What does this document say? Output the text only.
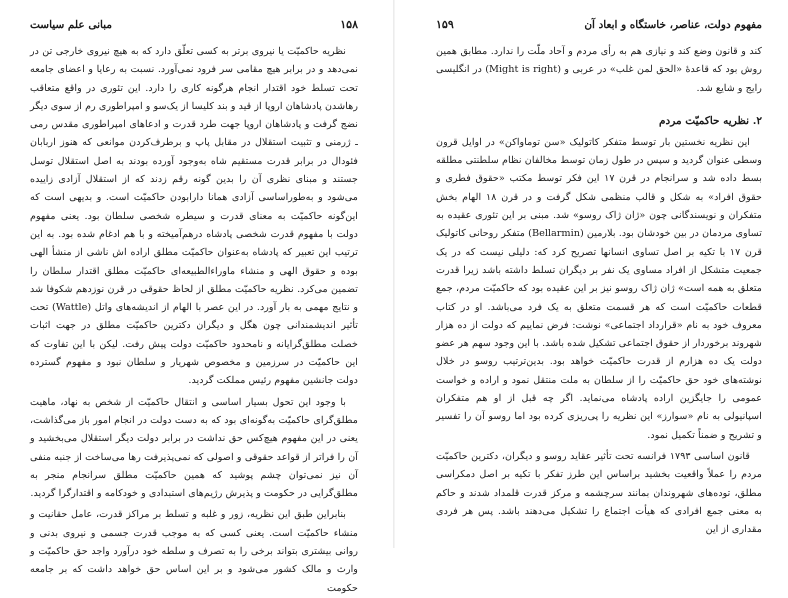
۱۵۸
مبانی علم سیاست

نظریه حاکمیّت یا نیروی برتر به کسی تعلّق دارد که به هیچ نیروی خارجی تن در نمی‌دهد و در برابر هیچ مقامی سر فرود نمی‌آورد. نسبت به رعایا و اعضای جامعه تحت تسلط خود اقتدار انجام هرگونه کاری را دارد. این تئوری در واقع متعاقب رهاشدن پادشاهان اروپا از قید و بند کلیسا از یک‌سو و امپراطوری رم از سوی دیگر نضج گرفت و پادشاهان اروپا جهت طرد قدرت و ادعاهای امپراطوری مقدس رمی ـ ژرمنی و تثبیت استقلال در مقابل پاپ و برطرف‌کردن موانعی که هنوز اربابان فئودال در برابر قدرت مستقیم شاه به‌وجود آورده بودند به اصل استقلال توسل جستند و مبنای نظری آن را بدین گونه رقم زدند که از استقلال آزادی زاییده می‌شود و به‌طوراساسی آزادی همانا دارابودن حاکمیّت است. و بدیهی است که این‌گونه حاکمیّت به معنای قدرت و سیطره شخصی سلطان بود. یعنی مفهوم دولت با مفهوم قدرت شخصی پادشاه درهم‌آمیخته و با هم ادغام شده بود. به این ترتیب این تعبیر که پادشاه به‌عنوان حاکمیّت مطلق اراده اش ناشی از منشأ الهی بوده و حقوق الهی و منشاء ماوراءالطبیعه‌ای حاکمیّت مطلق اقتدار سلطان را تضمین می‌کرد. نظریه حاکمیّت مطلق از لحاظ حقوقی در قرن نوزدهم شکوفا شد و نتایج مهمی به بار آورد. در این عصر با الهام از اندیشه‌های واتل (Wattle) تحت تأثیر اندیشمندانی چون هگل و دیگران دکترین حاکمیّت مطلق در جهت اثبات خصلت مطلق‌گرایانه و نامحدود حاکمیّت دولت پیش رفت. لیکن با این تفاوت که این حاکمیّت در سرزمین و مخصوص شهریار و سلطان نبود و مفهوم گسترده دولت جانشین مفهوم رئیس مملکت گردید.

با وجود این تحول بسیار اساسی و انتقال حاکمیّت از شخص به نهاد، ماهیت مطلق‌گرای حاکمیّت به‌گونه‌ای بود که به دست دولت در انجام امور باز می‌گذاشت، یعنی در این مفهوم هیچ‌کس حق نداشت در برابر دولت دیگر استقلال می‌بخشید و آن را فراتر از قواعد حقوقی و اصولی که نمی‌پذیرفت رها می‌ساخت از جنبه منفی آن نیز نمی‌توان چشم پوشید که همین حاکمیّت مطلق سرانجام منجر به مطلق‌گرایی در حکومت و پذیرش رژیم‌های استبدادی و خودکامه و اقتدارگرا گردید.

بنابراین طبق این نظریه، زور و غلبه و تسلط بر مراکز قدرت، عامل حقانیت و منشاء حاکمیّت است. یعنی کسی که به موجب قدرت جسمی و نیروی بدنی و روانی بیشتری بتواند برخی را به تصرف و سلطه خود درآورد واجد حق حاکمیّت و وارث و مالک کشور می‌شود و بر این اساس حق خواهد داشت که بر جامعه حکومت

مفهوم دولت، عناصر، خاستگاه و ابعاد آن
۱۵۹

کند و قانون وضع کند و نیازی هم به رأی مردم و آحاد ملّت را ندارد. مطابق همین روش بود که قاعدهٔ «الحق لمن غلب» در عربی و (Might is right) در انگلیسی رایج و شایع شد.

۲. نظریه حاکمیّت مردم

این نظریه نخستین بار توسط متفکر کاتولیک «سن توماواکن» در اوایل قرون وسطی عنوان گردید و سپس در طول زمان توسط مخالفان نظام سلطنتی مطلقه بسط داده شد و سرانجام در قرن ۱۷ این فکر توسط مکتب «حقوق فطری و حقوق افراد» به شکل و قالب منظمی شکل گرفت و در قرن ۱۸ الهام بخش متفکران و نویسندگانی چون «ژان ژاک روسو» شد. مبنی بر این تئوری عقیده به تساوی مردمان در بین خودشان بود. بلارمین (Bellarmin) متفکر روحانی کاتولیک قرن ۱۷ با تکیه بر اصل تساوی انسانها تصریح کرد که: دلیلی نیست که در یک جمعیت متشکل از افراد مساوی یک نفر بر دیگران تسلط داشته باشد زیرا قدرت متعلق به همه است» ژان ژاک روسو نیز بر این عقیده بود که حاکمیّت مردم، جمع قطعات حاکمیّت است که هر قسمت متعلق به یک فرد می‌باشد. او در کتاب معروف خود به نام «قرارداد اجتماعی» نوشت: فرض نماییم که دولت از ده هزار شهروند برخوردار از حقوق اجتماعی تشکیل شده باشد. با این وجود سهم هر عضو دولت یک ده هزارم از قدرت حاکمیّت خواهد بود. بدین‌ترتیب روسو در خلال نوشته‌های خود حق حاکمیّت را از سلطان به ملت منتقل نمود و اراده و خواست عمومی را جایگزین اراده پادشاه می‌نماید. اگر چه قبل از او هم متفکران اسپانیولی به نام «سوارز» این نظریه را پی‌ریزی کرده بود اما روسو آن را تفسیر و تشریح و ضمناً تکمیل نمود.

قانون اساسی ۱۷۹۳ فرانسه تحت تأثیر عقاید روسو و دیگران، دکترین حاکمیّت مردم را عملاً واقعیت بخشید براساس این طرز تفکر با تکیه بر اصل دمکراسی مطلق، توده‌های شهروندان بمانند سرچشمه و مرکز قدرت قلمداد شدند و حاکم به معنی جمع افرادی که هیأت اجتماع را تشکیل می‌دهند باشد. پس هر فردی مقداری از این
